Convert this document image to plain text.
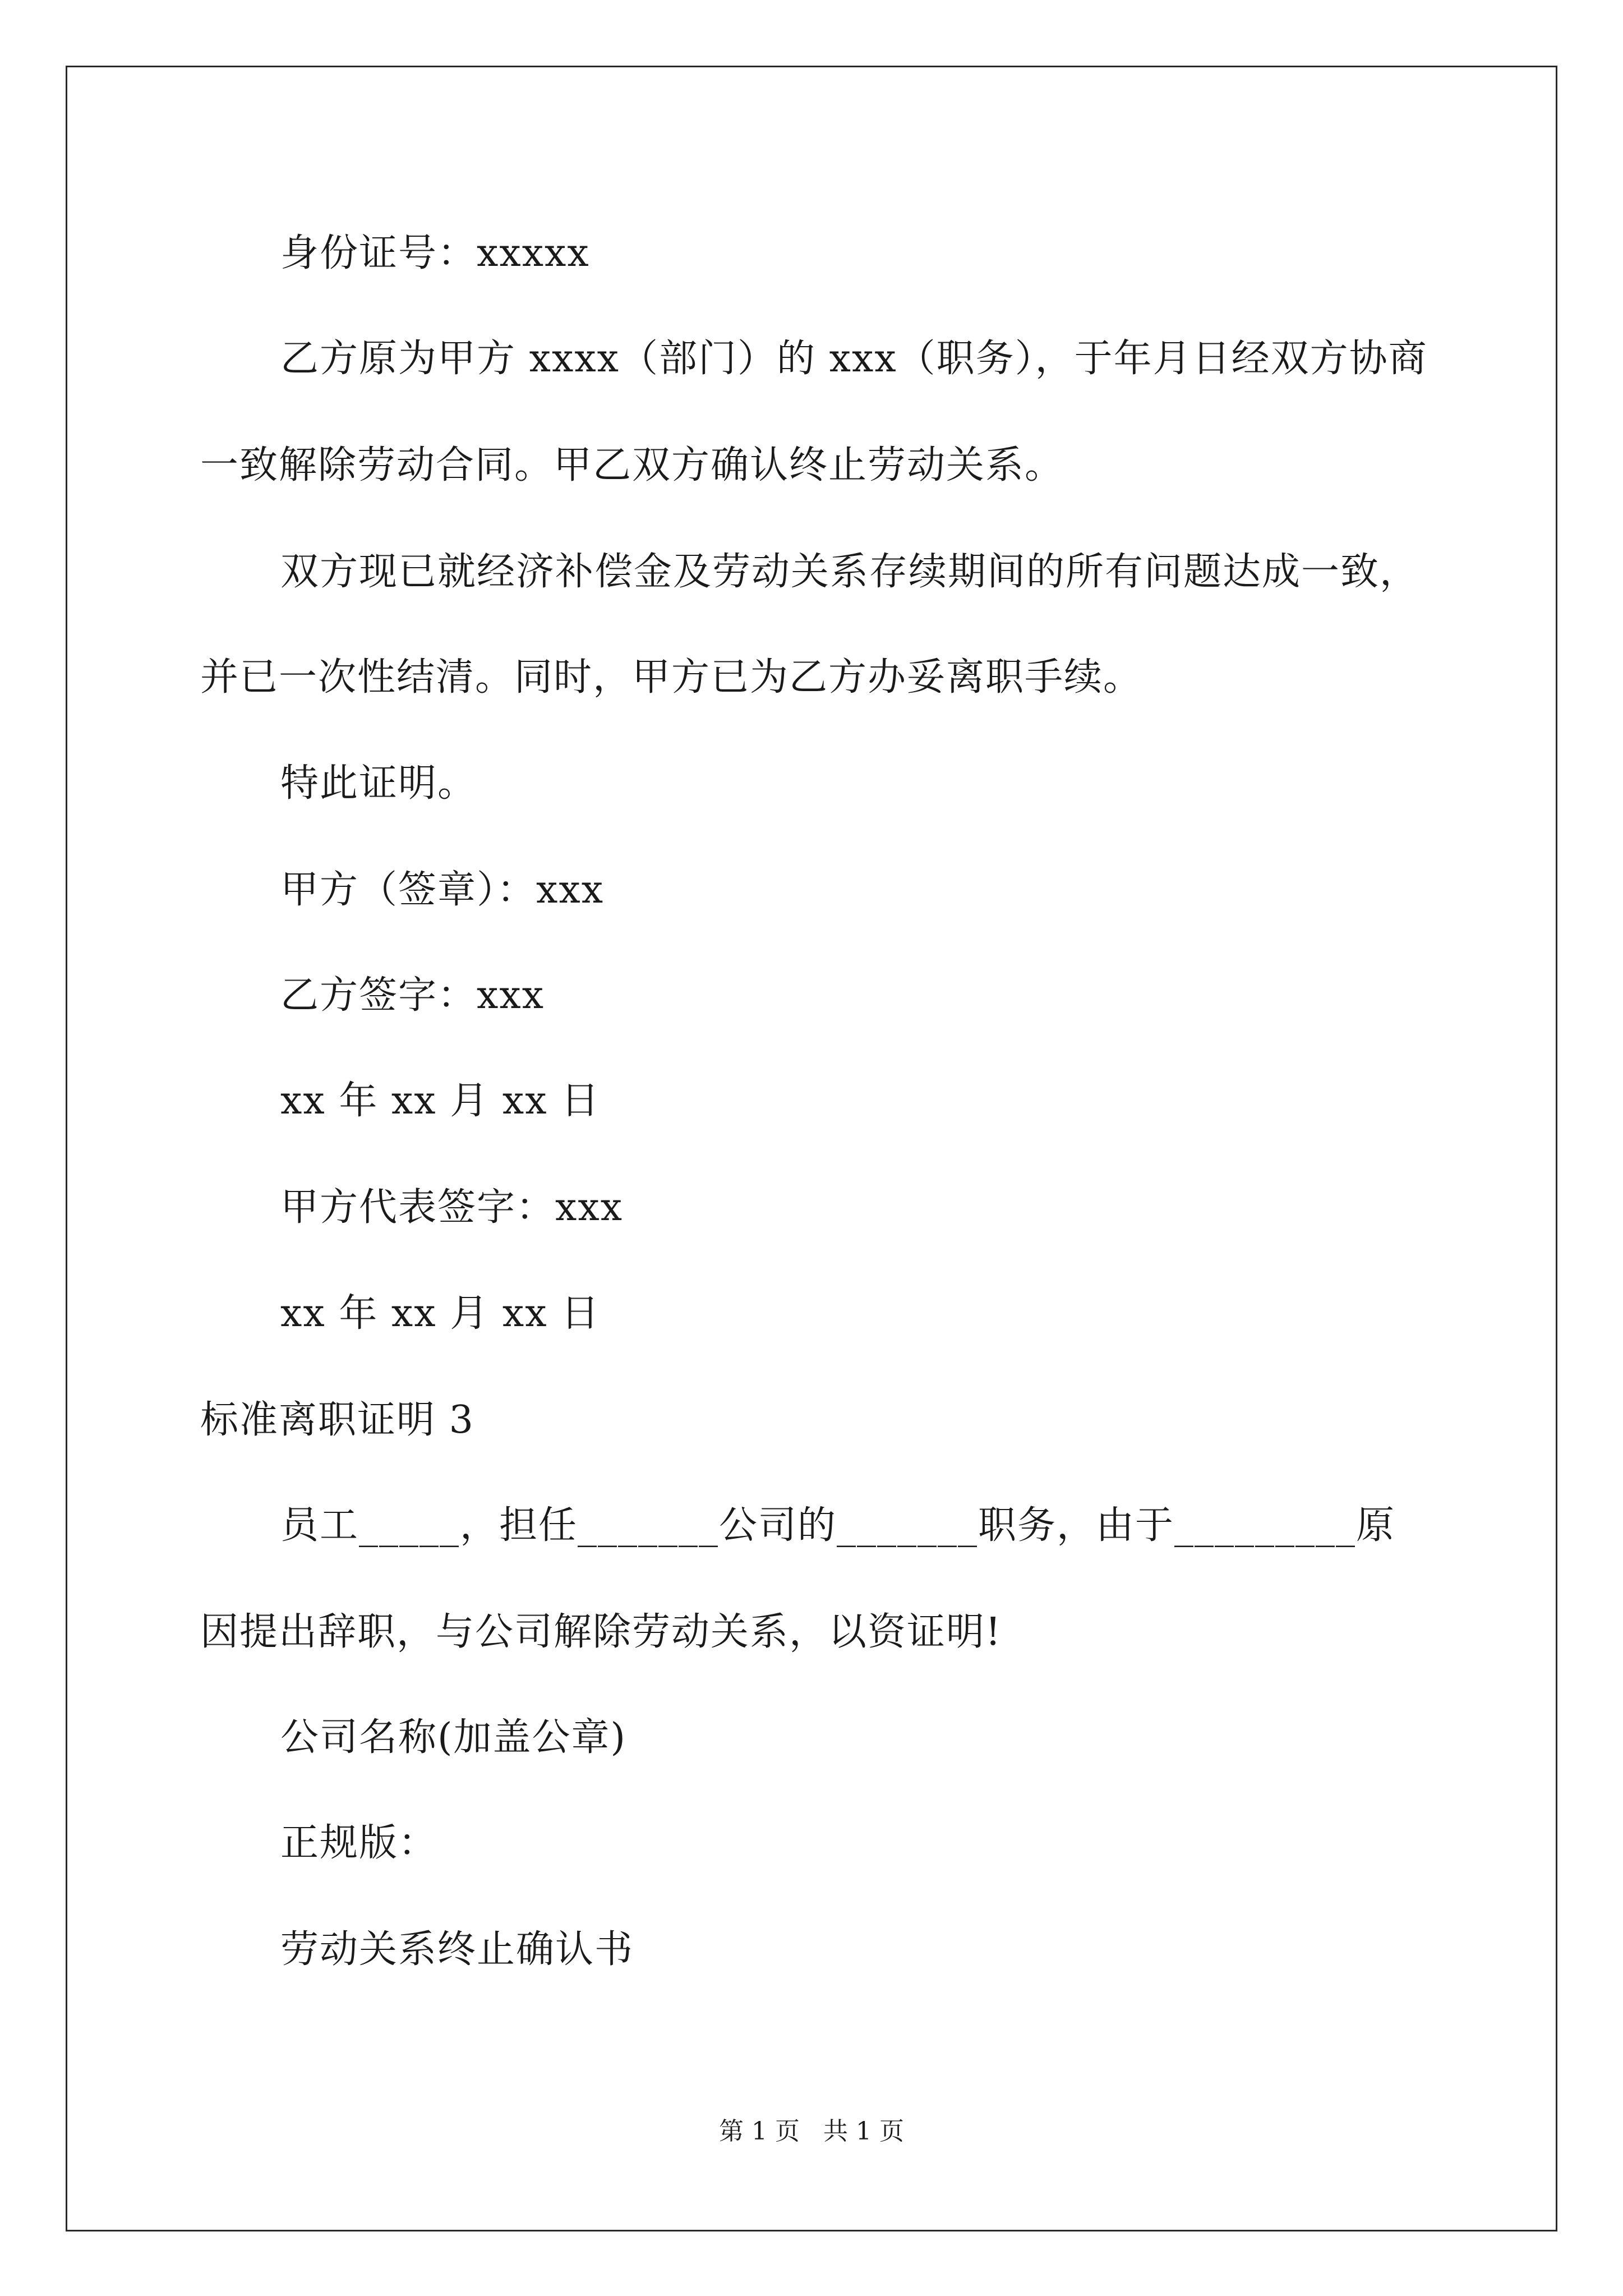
身份证号：xxxxx
乙方原为甲方 xxxx（部门）的 xxx（职务），于年月日经双方协商
一致解除劳动合同。甲乙双方确认终止劳动关系。
双方现已就经济补偿金及劳动关系存续期间的所有问题达成一致，
并已一次性结清。同时，甲方已为乙方办妥离职手续。
特此证明。
甲方（签章）：xxx
乙方签字：xxx
xx 年 xx 月 xx 日
甲方代表签字：xxx
xx 年 xx 月 xx 日
标准离职证明 3
员工_____，担任_______公司的_______职务，由于_________原
因提出辞职，与公司解除劳动关系，以资证明!
公司名称(加盖公章)
正规版：
劳动关系终止确认书
第 1 页   共 1 页
